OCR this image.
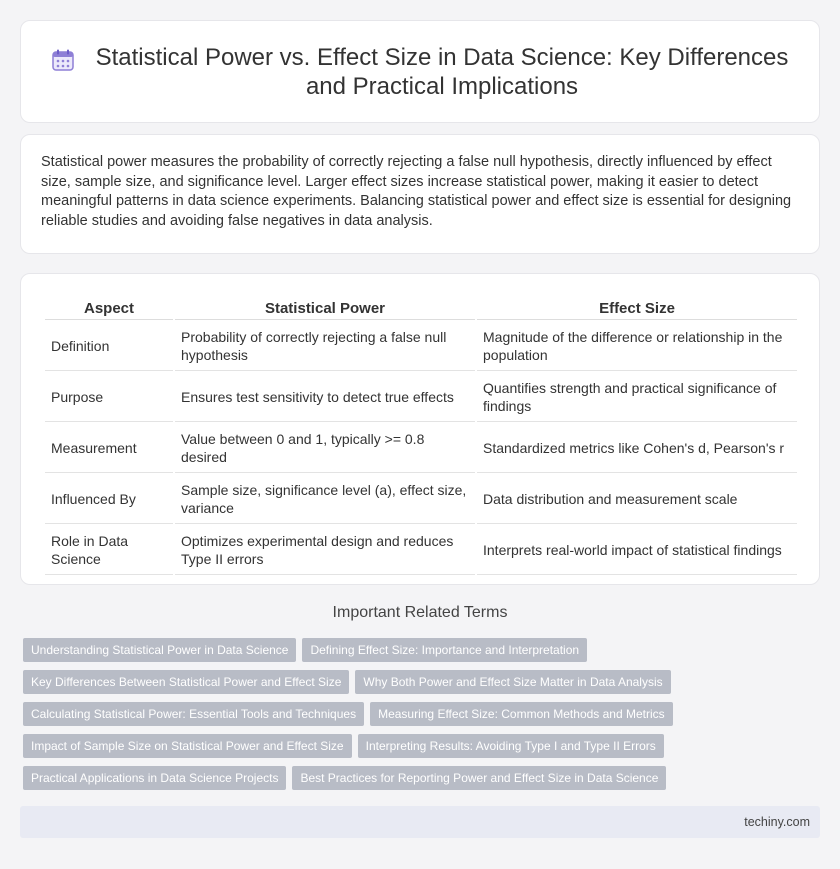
Statistical Power vs. Effect Size in Data Science: Key Differences and Practical Implications

Statistical power measures the probability of correctly rejecting a false null hypothesis, directly influenced by effect size, sample size, and significance level. Larger effect sizes increase statistical power, making it easier to detect meaningful patterns in data science experiments. Balancing statistical power and effect size is essential for designing reliable studies and avoiding false negatives in data analysis.

Aspect	Statistical Power	Effect Size
Definition	Probability of correctly rejecting a false null hypothesis	Magnitude of the difference or relationship in the population
Purpose	Ensures test sensitivity to detect true effects	Quantifies strength and practical significance of findings
Measurement	Value between 0 and 1, typically >= 0.8 desired	Standardized metrics like Cohen's d, Pearson's r
Influenced By	Sample size, significance level (a), effect size, variance	Data distribution and measurement scale
Role in Data Science	Optimizes experimental design and reduces Type II errors	Interprets real-world impact of statistical findings
Important Related Terms
Understanding Statistical Power in Data Science	Defining Effect Size: Importance and Interpretation
Key Differences Between Statistical Power and Effect Size	Why Both Power and Effect Size Matter in Data Analysis
Calculating Statistical Power: Essential Tools and Techniques	Measuring Effect Size: Common Methods and Metrics
Impact of Sample Size on Statistical Power and Effect Size	Interpreting Results: Avoiding Type I and Type II Errors
Practical Applications in Data Science Projects	Best Practices for Reporting Power and Effect Size in Data Science
techiny.com
